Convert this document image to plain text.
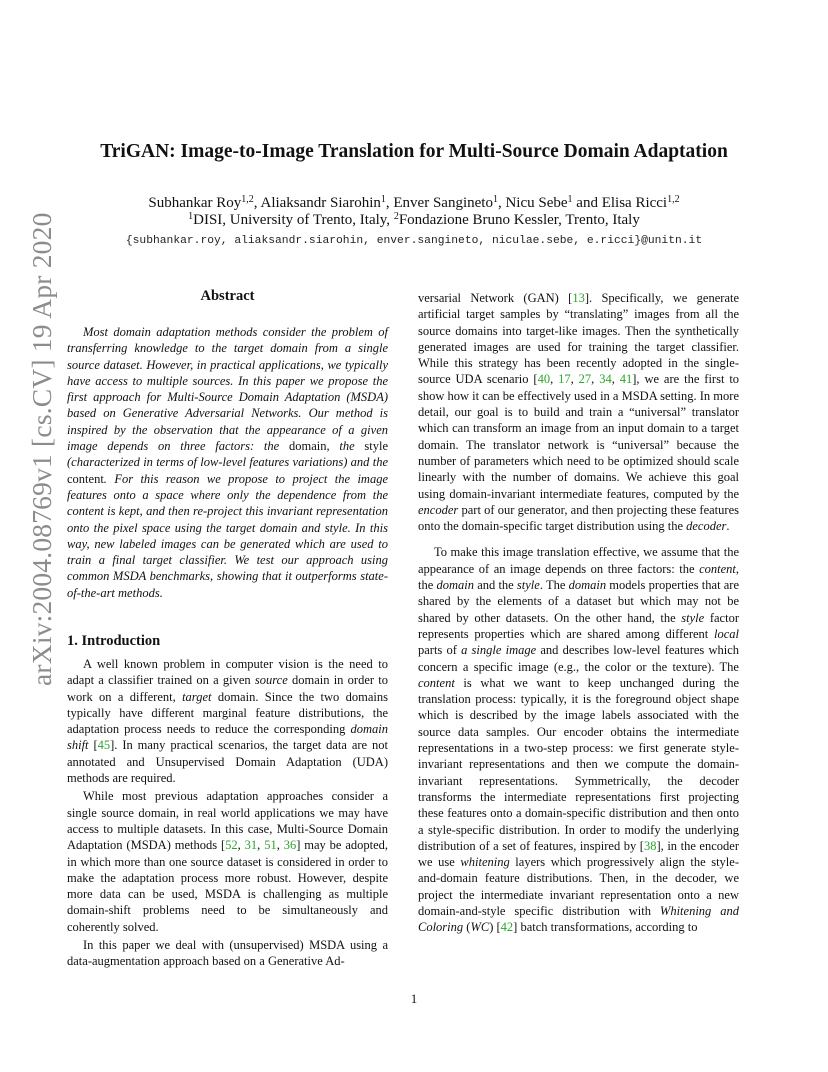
arXiv:2004.08769v1 [cs.CV] 19 Apr 2020
TriGAN: Image-to-Image Translation for Multi-Source Domain Adaptation
Subhankar Roy$^{1,2}$, Aliaksandr Siarohin$^1$, Enver Sangineto$^1$, Nicu Sebe$^1$ and Elisa Ricci$^{1,2}$
$^1$DISI, University of Trento, Italy, $^2$Fondazione Bruno Kessler, Trento, Italy
{subhankar.roy, aliaksandr.siarohin, enver.sangineto, niculae.sebe, e.ricci}@unitn.it
Abstract

Most domain adaptation methods consider the problem of transferring knowledge to the target domain from a single source dataset. However, in practical applications, we typically have access to multiple sources. In this paper we propose the first approach for Multi-Source Domain Adaptation (MSDA) based on Generative Adversarial Networks. Our method is inspired by the observation that the appearance of a given image depends on three factors: the domain, the style (characterized in terms of low-level features variations) and the content. For this reason we propose to project the image features onto a space where only the dependence from the content is kept, and then re-project this invariant representation onto the pixel space using the target domain and style. In this way, new labeled images can be generated which are used to train a final target classifier. We test our approach using common MSDA benchmarks, showing that it outperforms state-of-the-art methods.

1. Introduction

A well known problem in computer vision is the need to adapt a classifier trained on a given source domain in order to work on a different, target domain. Since the two domains typically have different marginal feature distributions, the adaptation process needs to reduce the corresponding domain shift [45]. In many practical scenarios, the target data are not annotated and Unsupervised Domain Adaptation (UDA) methods are required.

While most previous adaptation approaches consider a single source domain, in real world applications we may have access to multiple datasets. In this case, Multi-Source Domain Adaptation (MSDA) methods [52, 31, 51, 36] may be adopted, in which more than one source dataset is considered in order to make the adaptation process more robust. However, despite more data can be used, MSDA is challenging as multiple domain-shift problems need to be simultaneously and coherently solved.

In this paper we deal with (unsupervised) MSDA using a data-augmentation approach based on a Generative Ad-

versarial Network (GAN) [13]. Specifically, we generate artificial target samples by “translating” images from all the source domains into target-like images. Then the synthetically generated images are used for training the target classifier. While this strategy has been recently adopted in the single-source UDA scenario [40, 17, 27, 34, 41], we are the first to show how it can be effectively used in a MSDA setting. In more detail, our goal is to build and train a “universal” translator which can transform an image from an input domain to a target domain. The translator network is “universal” because the number of parameters which need to be optimized should scale linearly with the number of domains. We achieve this goal using domain-invariant intermediate features, computed by the encoder part of our generator, and then projecting these features onto the domain-specific target distribution using the decoder.

To make this image translation effective, we assume that the appearance of an image depends on three factors: the content, the domain and the style. The domain models properties that are shared by the elements of a dataset but which may not be shared by other datasets. On the other hand, the style factor represents properties which are shared among different local parts of a single image and describes low-level features which concern a specific image (e.g., the color or the texture). The content is what we want to keep unchanged during the translation process: typically, it is the foreground object shape which is described by the image labels associated with the source data samples. Our encoder obtains the intermediate representations in a two-step process: we first generate style-invariant representations and then we compute the domain-invariant representations. Symmetrically, the decoder transforms the intermediate representations first projecting these features onto a domain-specific distribution and then onto a style-specific distribution. In order to modify the underlying distribution of a set of features, inspired by [38], in the encoder we use whitening layers which progressively align the style-and-domain feature distributions. Then, in the decoder, we project the intermediate invariant representation onto a new domain-and-style specific distribution with Whitening and Coloring (WC) [42] batch transformations, according to

1
